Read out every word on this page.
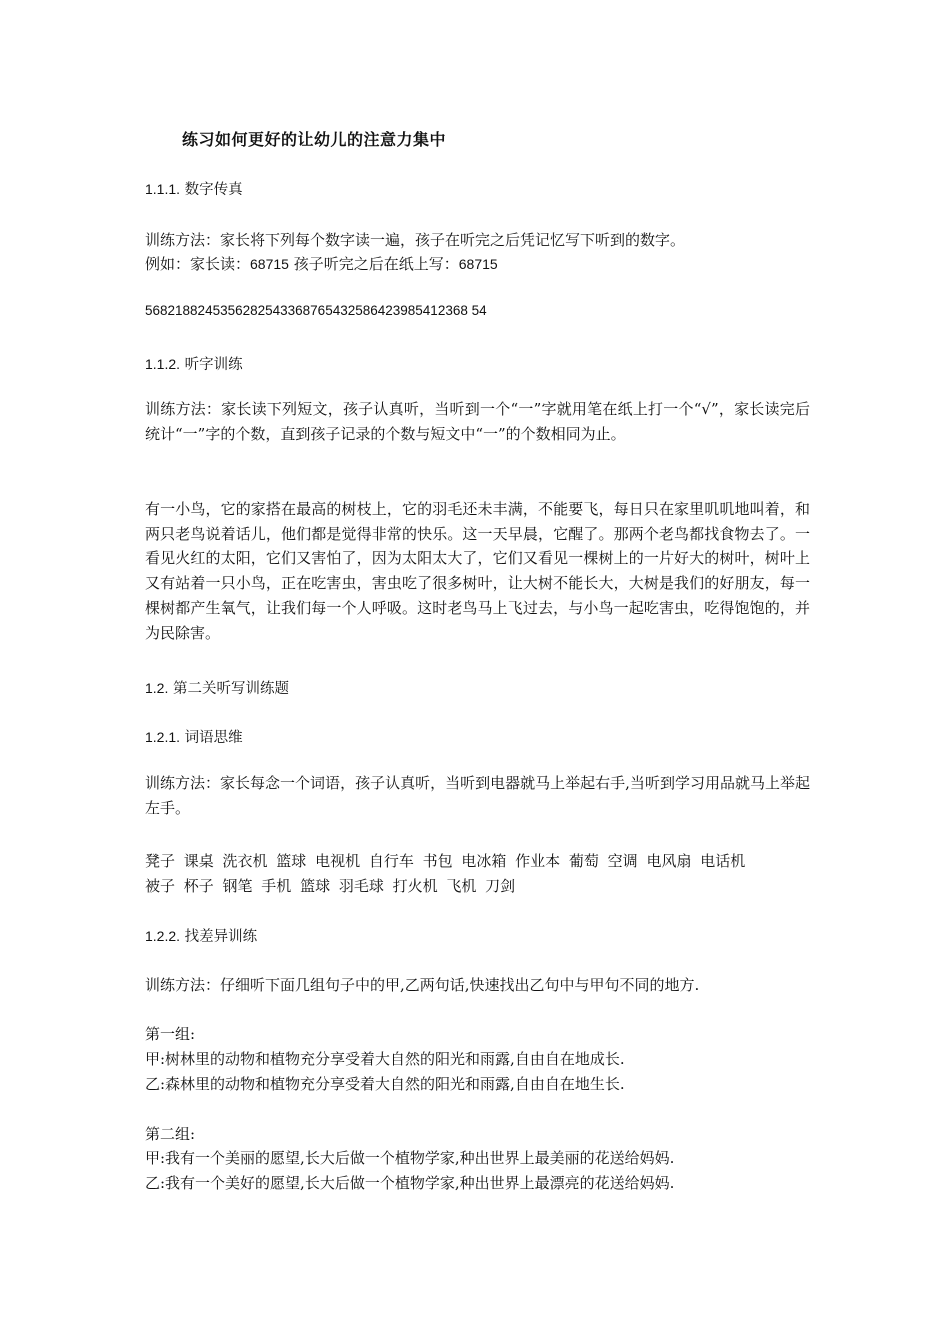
练习如何更好的让幼儿的注意力集中
1.1.1. 数字传真
训练方法：家长将下列每个数字读一遍，孩子在听完之后凭记忆写下听到的数字。
例如：家长读：68715 孩子听完之后在纸上写：68715
5682188245356282543368765432586423985412368 54
1.1.2. 听字训练
训练方法：家长读下列短文，孩子认真听，当听到一个“一”字就用笔在纸上打一个“√”，家长读完后统计“一”字的个数，直到孩子记录的个数与短文中“一”的个数相同为止。
有一小鸟，它的家搭在最高的树枝上，它的羽毛还未丰满，不能要飞，每日只在家里叽叽地叫着，和两只老鸟说着话儿，他们都是觉得非常的快乐。这一天早晨，它醒了。那两个老鸟都找食物去了。一看见火红的太阳，它们又害怕了，因为太阳太大了，它们又看见一棵树上的一片好大的树叶，树叶上又有站着一只小鸟，正在吃害虫，害虫吃了很多树叶，让大树不能长大，大树是我们的好朋友，每一棵树都产生氧气，让我们每一个人呼吸。这时老鸟马上飞过去，与小鸟一起吃害虫，吃得饱饱的，并为民除害。
1.2. 第二关听写训练题
1.2.1. 词语思维
训练方法：家长每念一个词语，孩子认真听，当听到电器就马上举起右手,当听到学习用品就马上举起左手。
凳子 课桌 洗衣机 篮球 电视机 自行车 书包 电冰箱 作业本 葡萄 空调 电风扇 电话机
被子 杯子 钢笔 手机 篮球 羽毛球 打火机 飞机 刀剑
1.2.2. 找差异训练
训练方法：仔细听下面几组句子中的甲,乙两句话,快速找出乙句中与甲句不同的地方.
第一组:
甲:树林里的动物和植物充分享受着大自然的阳光和雨露,自由自在地成长.
乙:森林里的动物和植物充分享受着大自然的阳光和雨露,自由自在地生长.
第二组:
甲:我有一个美丽的愿望,长大后做一个植物学家,种出世界上最美丽的花送给妈妈.
乙:我有一个美好的愿望,长大后做一个植物学家,种出世界上最漂亮的花送给妈妈.
